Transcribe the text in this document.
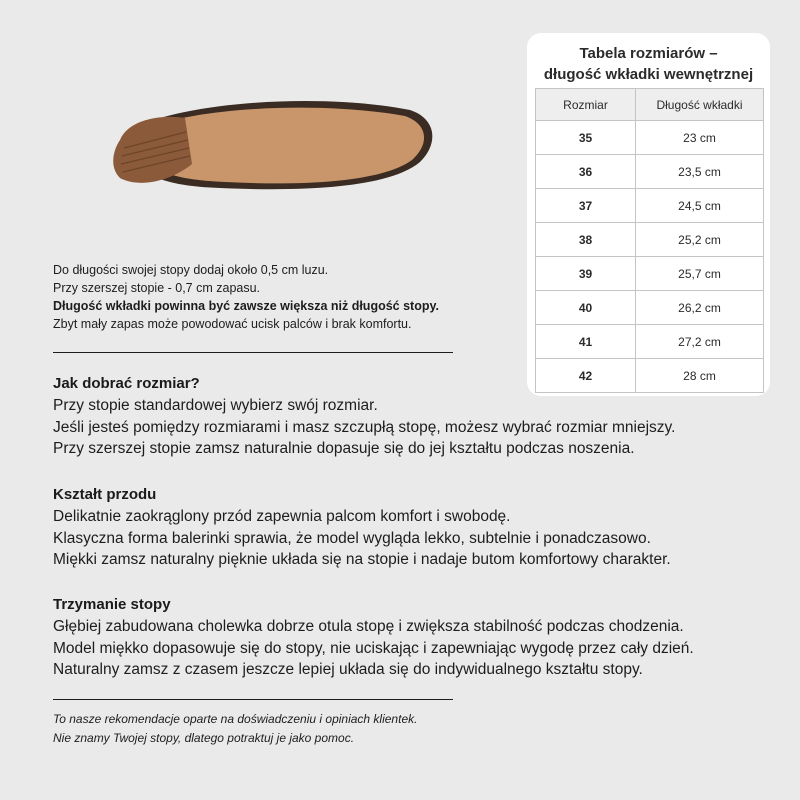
Tabela rozmiarów –
długość wkładki wewnętrznej
Rozmiar	Długość wkładki
35	23 cm
36	23,5 cm
37	24,5 cm
38	25,2 cm
39	25,7 cm
40	26,2 cm
41	27,2 cm
42	28 cm
Do długości swojej stopy dodaj około 0,5 cm luzu.
Przy szerszej stopie - 0,7 cm zapasu.
Długość wkładki powinna być zawsze większa niż długość stopy.
Zbyt mały zapas może powodować ucisk palców i brak komfortu.
Jak dobrać rozmiar?

Przy stopie standardowej wybierz swój rozmiar.

Jeśli jesteś pomiędzy rozmiarami i masz szczupłą stopę, możesz wybrać rozmiar mniejszy.

Przy szerszej stopie zamsz naturalnie dopasuje się do jej kształtu podczas noszenia.

Kształt przodu

Delikatnie zaokrąglony przód zapewnia palcom komfort i swobodę.

Klasyczna forma balerinki sprawia, że model wygląda lekko, subtelnie i ponadczasowo.

Miękki zamsz naturalny pięknie układa się na stopie i nadaje butom komfortowy charakter.

Trzymanie stopy

Głębiej zabudowana cholewka dobrze otula stopę i zwiększa stabilność podczas chodzenia.

Model miękko dopasowuje się do stopy, nie uciskając i zapewniając wygodę przez cały dzień.

Naturalny zamsz z czasem jeszcze lepiej układa się do indywidualnego kształtu stopy.

To nasze rekomendacje oparte na doświadczeniu i opiniach klientek.
Nie znamy Twojej stopy, dlatego potraktuj je jako pomoc.
